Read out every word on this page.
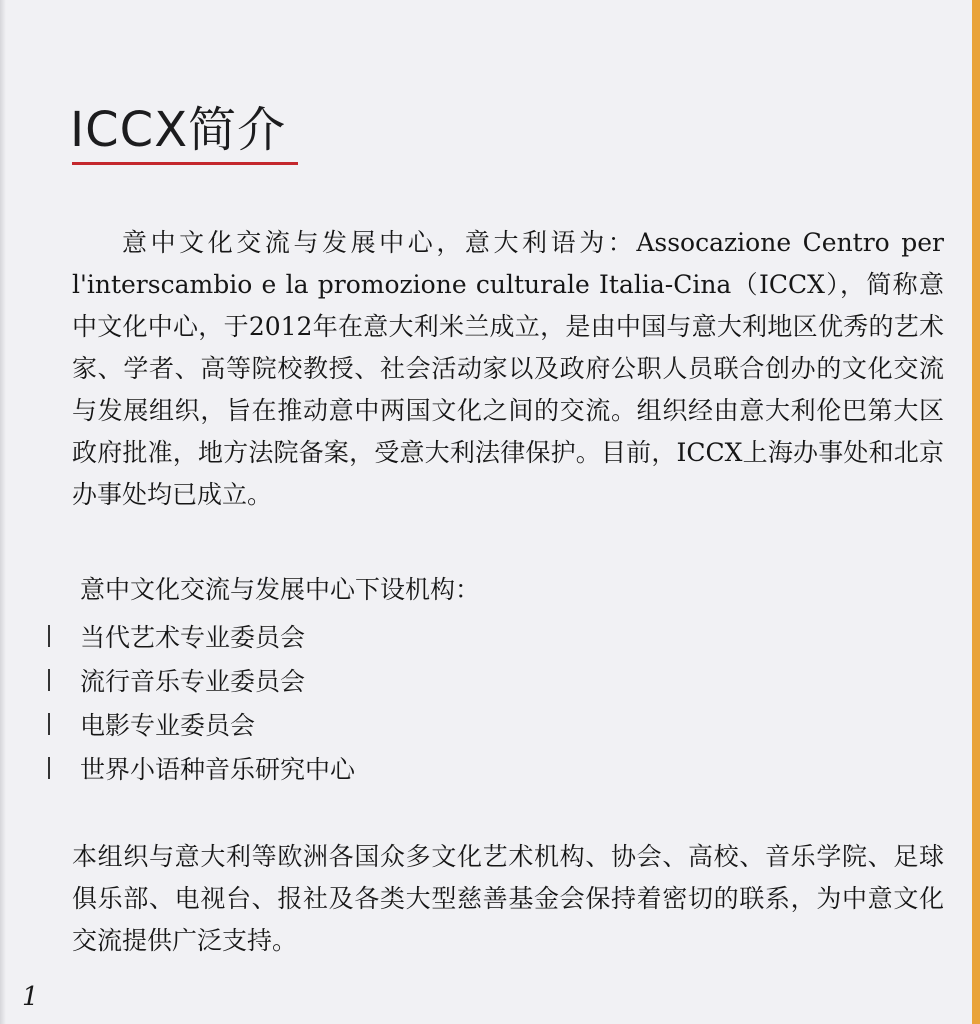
ICCX简介

意中文化交流与发展中心，意大利语为：Assocazione Centro per l'interscambio e la promozione culturale Italia-Cina（ICCX），简称意中文化中心，于2012年在意大利米兰成立，是由中国与意大利地区优秀的艺术家、学者、高等院校教授、社会活动家以及政府公职人员联合创办的文化交流与发展组织，旨在推动意中两国文化之间的交流。组织经由意大利伦巴第大区政府批准，地方法院备案，受意大利法律保护。目前，ICCX上海办事处和北京办事处均已成立。

意中文化交流与发展中心下设机构：

当代艺术专业委员会
流行音乐专业委员会
电影专业委员会
世界小语种音乐研究中心

本组织与意大利等欧洲各国众多文化艺术机构、协会、高校、音乐学院、足球俱乐部、电视台、报社及各类大型慈善基金会保持着密切的联系，为中意文化交流提供广泛支持。

1
